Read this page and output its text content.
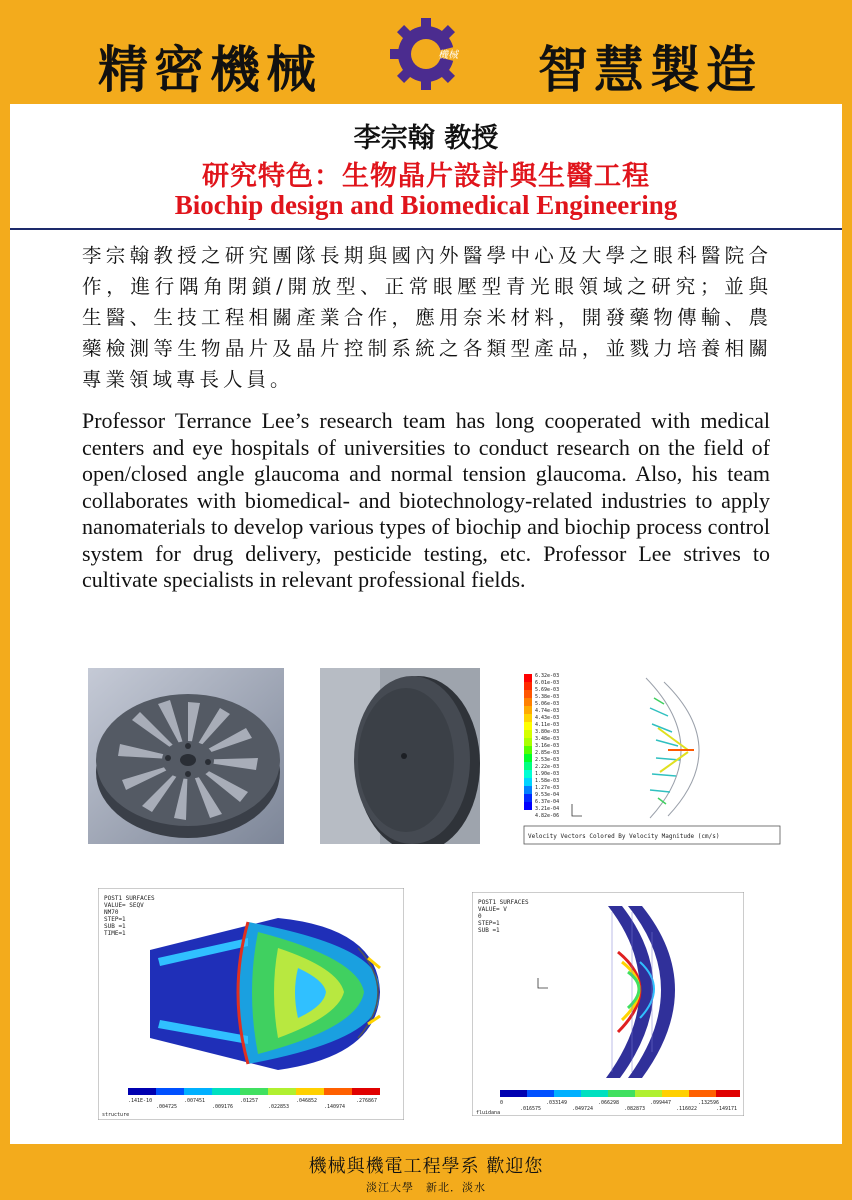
精密機械	機械 智慧製造
李宗翰 教授
研究特色：生物晶片設計與生醫工程
Biochip design and Biomedical Engineering
李宗翰教授之研究團隊長期與國內外醫學中心及大學之眼科醫院合作，進行隅角閉鎖/開放型、正常眼壓型青光眼領域之研究；並與生醫、生技工程相關產業合作，應用奈米材料，開發藥物傳輸、農藥檢測等生物晶片及晶片控制系統之各類型產品，並戮力培養相關專業領域專長人員。
Professor Terrance Lee’s research team has long cooperated with medical centers and eye hospitals of universities to conduct research on the field of open/closed angle glaucoma and normal tension glaucoma. Also, his team collaborates with biomedical- and biotechnology-related industries to apply nanomaterials to develop various types of biochip and biochip process control system for drug delivery, pesticide testing, etc. Professor Lee strives to cultivate specialists in relevant professional fields.
6.32e-03
6.01e-03
5.69e-03
5.38e-03
5.06e-03
4.74e-03
4.43e-03
4.11e-03
3.80e-03
3.48e-03
3.16e-03
2.85e-03
2.53e-03
2.22e-03
1.90e-03
1.58e-03
1.27e-03
9.53e-04
6.37e-04
3.21e-04
4.82e-06
Velocity Vectors Colored By Velocity Magnitude (cm/s)
POST1 SURFACES
VALUE= SEQV
NM70
STEP=1
SUB =1
TIME=1
.141E-10
.004725
.007451
.009176
.01257
.022853
.046852
.140974
.276867
structure
POST1 SURFACES
VALUE= V
0
STEP=1
SUB =1
0
.016575
.033149
.049724
.066298
.082873
.099447
.116022
.132596
.149171
fluidana
機械與機電工程學系 歡迎您
淡江大學　新北．淡水
